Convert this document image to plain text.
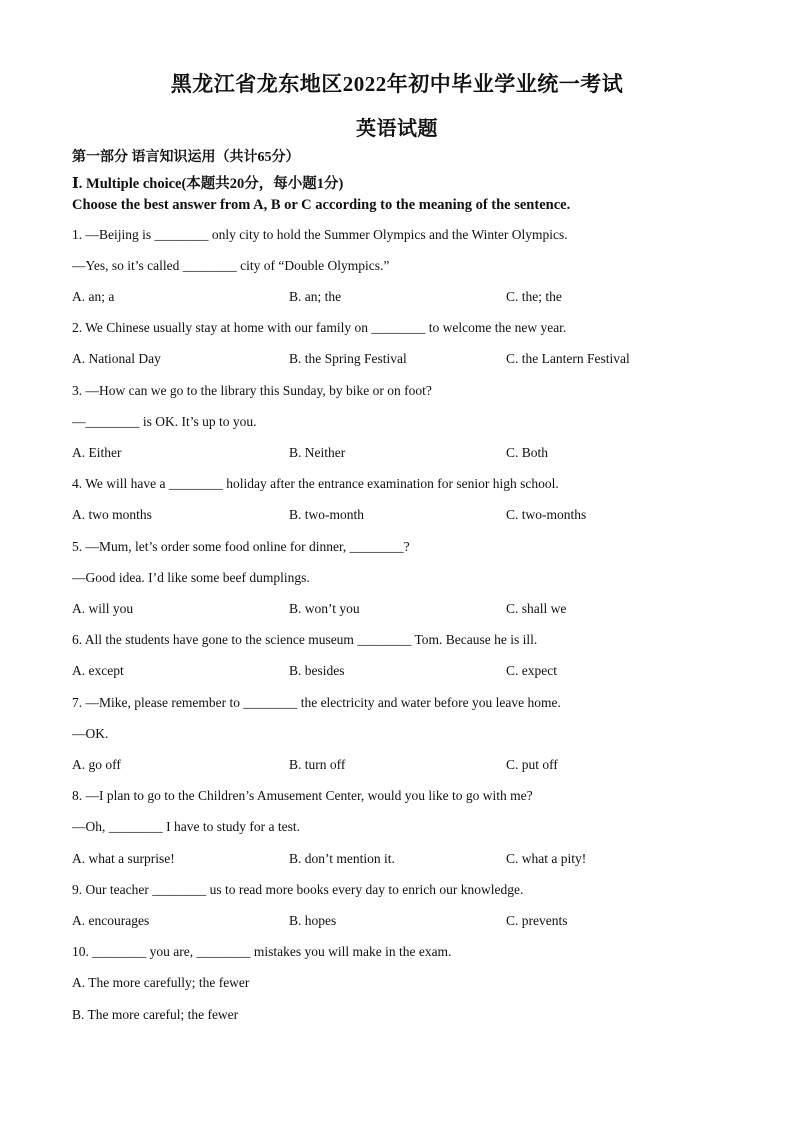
黑龙江省龙东地区2022年初中毕业学业统一考试
英语试题
第一部分 语言知识运用（共计65分）
Ⅰ. Multiple choice(本题共20分，每小题1分)
Choose the best answer from A, B or C according to the meaning of the sentence.
1. —Beijing is ________ only city to hold the Summer Olympics and the Winter Olympics.
—Yes, so it’s called ________ city of “Double Olympics.”
A. an; a	B. an; the	C. the; the
2. We Chinese usually stay at home with our family on ________ to welcome the new year.
A. National Day	B. the Spring Festival	C. the Lantern Festival
3. —How can we go to the library this Sunday, by bike or on foot?
—________ is OK. It’s up to you.
A. Either	B. Neither	C. Both
4. We will have a ________ holiday after the entrance examination for senior high school.
A. two months	B. two-month	C. two-months
5. —Mum, let’s order some food online for dinner, ________?
—Good idea. I’d like some beef dumplings.
A. will you	B. won’t you	C. shall we
6. All the students have gone to the science museum ________ Tom. Because he is ill.
A. except	B. besides	C. expect
7. —Mike, please remember to ________ the electricity and water before you leave home.
—OK.
A. go off	B. turn off	C. put off
8. —I plan to go to the Children’s Amusement Center, would you like to go with me?
—Oh, ________ I have to study for a test.
A. what a surprise!	B. don’t mention it.	C. what a pity!
9. Our teacher ________ us to read more books every day to enrich our knowledge.
A. encourages	B. hopes	C. prevents
10. ________ you are, ________ mistakes you will make in the exam.
A. The more carefully; the fewer
B. The more careful; the fewer
